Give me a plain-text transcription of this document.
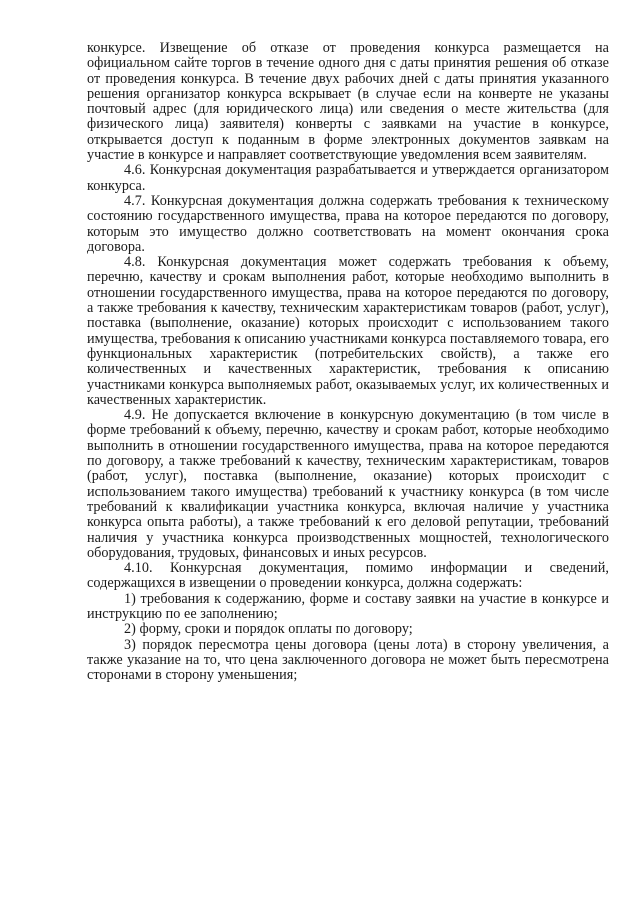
конкурсе. Извещение об отказе от проведения конкурса размещается на официальном сайте торгов в течение одного дня с даты принятия решения об отказе от проведения конкурса. В течение двух рабочих дней с даты принятия указанного решения организатор конкурса вскрывает (в случае если на конверте не указаны почтовый адрес (для юридического лица) или сведения о месте жительства (для физического лица) заявителя) конверты с заявками на участие в конкурсе, открывается доступ к поданным в форме электронных документов заявкам на участие в конкурсе и направляет соответствующие уведомления всем заявителям.

4.6. Конкурсная документация разрабатывается и утверждается организатором конкурса.

4.7. Конкурсная документация должна содержать требования к техническому состоянию государственного имущества, права на которое передаются по договору, которым это имущество должно соответствовать на момент окончания срока договора.

4.8. Конкурсная документация может содержать требования к объему, перечню, качеству и срокам выполнения работ, которые необходимо выполнить в отношении государственного имущества, права на которое передаются по договору, а также требования к качеству, техническим характеристикам товаров (работ, услуг), поставка (выполнение, оказание) которых происходит с использованием такого имущества, требования к описанию участниками конкурса поставляемого товара, его функциональных характеристик (потребительских свойств), а также его количественных и качественных характеристик, требования к описанию участниками конкурса выполняемых работ, оказываемых услуг, их количественных и качественных характеристик.

4.9. Не допускается включение в конкурсную документацию (в том числе в форме требований к объему, перечню, качеству и срокам работ, которые необходимо выполнить в отношении государственного имущества, права на которое передаются по договору, а также требований к качеству, техническим характеристикам, товаров (работ, услуг), поставка (выполнение, оказание) которых происходит с использованием такого имущества) требований к участнику конкурса (в том числе требований к квалификации участника конкурса, включая наличие у участника конкурса опыта работы), а также требований к его деловой репутации, требований наличия у участника конкурса производственных мощностей, технологического оборудования, трудовых, финансовых и иных ресурсов.

4.10. Конкурсная документация, помимо информации и сведений, содержащихся в извещении о проведении конкурса, должна содержать:

1) требования к содержанию, форме и составу заявки на участие в конкурсе и инструкцию по ее заполнению;

2) форму, сроки и порядок оплаты по договору;

3) порядок пересмотра цены договора (цены лота) в сторону увеличения, а также указание на то, что цена заключенного договора не может быть пересмотрена сторонами в сторону уменьшения;
